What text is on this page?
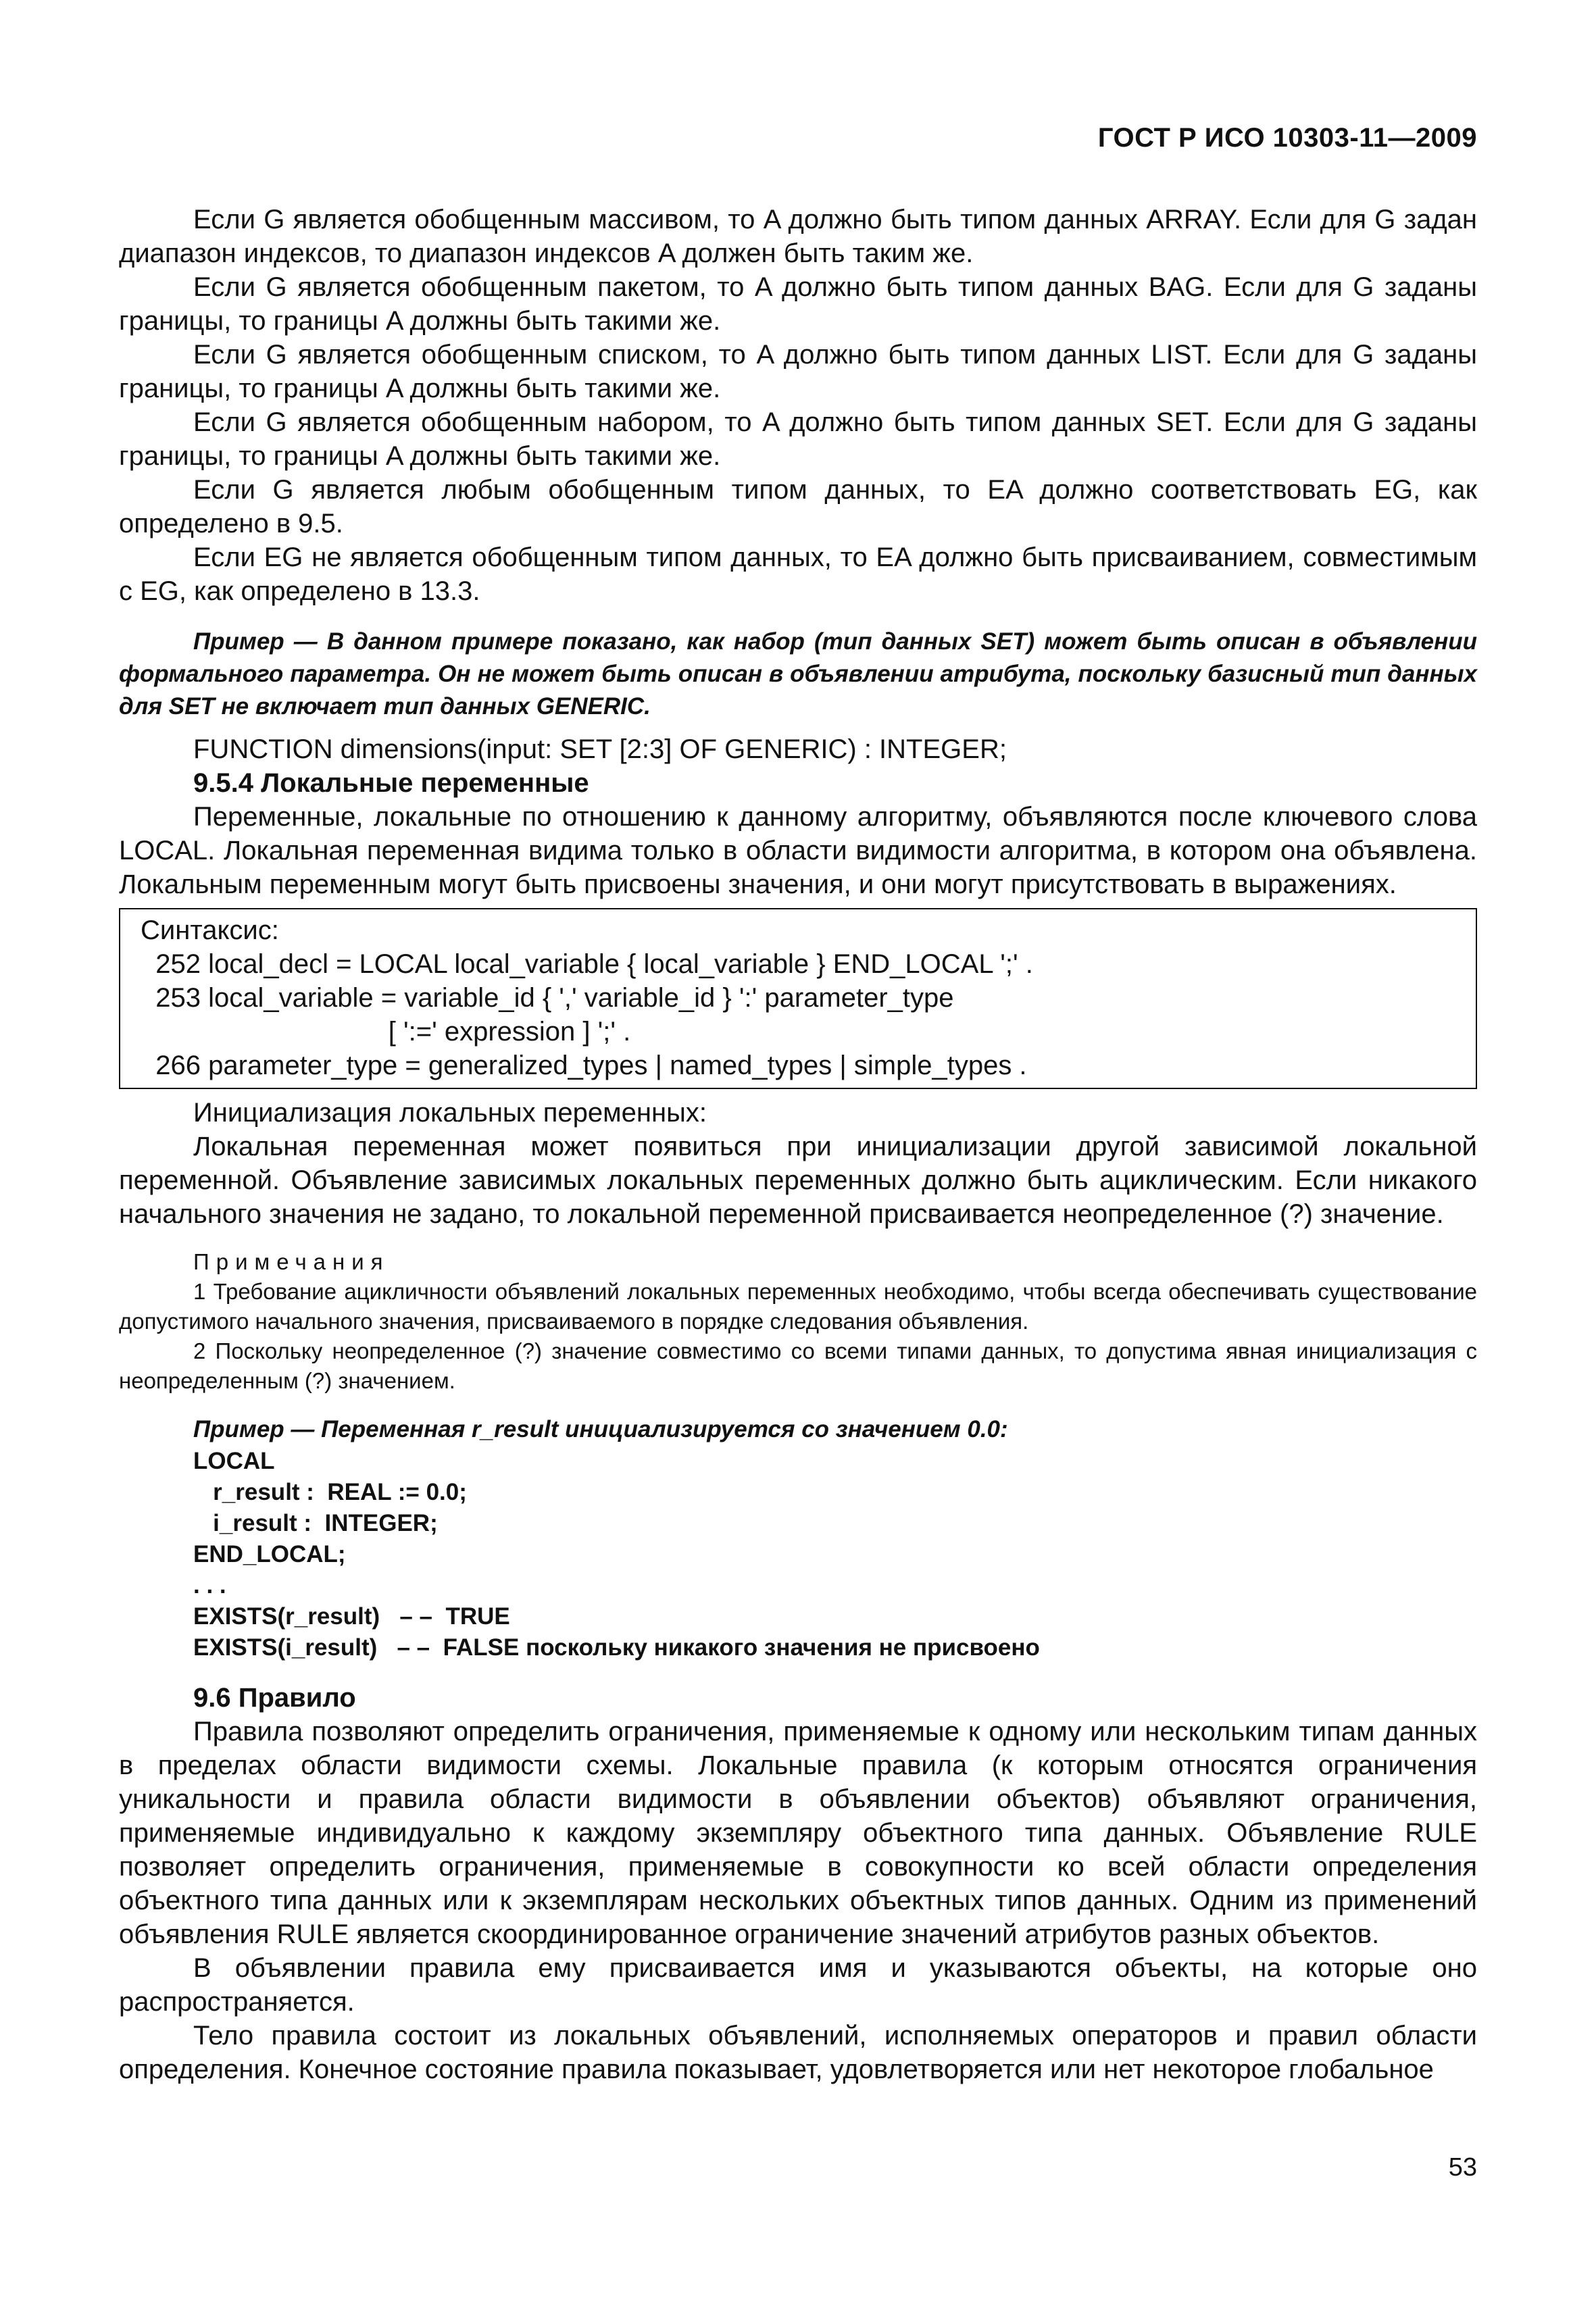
ГОСТ Р ИСО 10303-11—2009

Если G является обобщенным массивом, то A должно быть типом данных ARRAY. Если для G задан диапазон индексов, то диапазон индексов A должен быть таким же.

Если G является обобщенным пакетом, то A должно быть типом данных BAG. Если для G заданы границы, то границы A должны быть такими же.

Если G является обобщенным списком, то A должно быть типом данных LIST. Если для G заданы границы, то границы A должны быть такими же.

Если G является обобщенным набором, то A должно быть типом данных SET. Если для G заданы границы, то границы A должны быть такими же.

Если G является любым обобщенным типом данных, то EA должно соответствовать EG, как определено в 9.5.

Если EG не является обобщенным типом данных, то EA должно быть присваиванием, совместимым с EG, как определено в 13.3.

Пример — В данном примере показано, как набор (тип данных SET) может быть описан в объявлении формального параметра. Он не может быть описан в объявлении атрибута, поскольку базисный тип данных для SET не включает тип данных GENERIC.

FUNCTION dimensions(input: SET [2:3] OF GENERIC) : INTEGER;

9.5.4 Локальные переменные

Переменные, локальные по отношению к данному алгоритму, объявляются после ключевого слова LOCAL. Локальная переменная видима только в области видимости алгоритма, в котором она объявлена. Локальным переменным могут быть присвоены значения, и они могут присутствовать в выражениях.

Синтаксис:
252 local_decl = LOCAL local_variable { local_variable } END_LOCAL ';' .
253 local_variable = variable_id { ',' variable_id } ':' parameter_type
[ ':=' expression ] ';' .
266 parameter_type = generalized_types | named_types | simple_types .

Инициализация локальных переменных:

Локальная переменная может появиться при инициализации другой зависимой локальной переменной. Объявление зависимых локальных переменных должно быть ациклическим. Если никакого начального значения не задано, то локальной переменной присваивается неопределенное (?) значение.

Примечания

1 Требование ацикличности объявлений локальных переменных необходимо, чтобы всегда обеспечивать существование допустимого начального значения, присваиваемого в порядке следования объявления.

2 Поскольку неопределенное (?) значение совместимо со всеми типами данных, то допустима явная инициализация с неопределенным (?) значением.

Пример — Переменная r_result инициализируется со значением 0.0:

LOCAL

r_result :  REAL := 0.0;

i_result :  INTEGER;

END_LOCAL;

. . .

EXISTS(r_result)   – –  TRUE

EXISTS(i_result)   – –  FALSE поскольку никакого значения не присвоено

9.6 Правило

Правила позволяют определить ограничения, применяемые к одному или нескольким типам данных в пределах области видимости схемы. Локальные правила (к которым относятся ограничения уникальности и правила области видимости в объявлении объектов) объявляют ограничения, применяемые индивидуально к каждому экземпляру объектного типа данных. Объявление RULE позволяет определить ограничения, применяемые в совокупности ко всей области определения объектного типа данных или к экземплярам нескольких объектных типов данных. Одним из применений объявления RULE является скоординированное ограничение значений атрибутов разных объектов.

В объявлении правила ему присваивается имя и указываются объекты, на которые оно распространяется.

Тело правила состоит из локальных объявлений, исполняемых операторов и правил области определения. Конечное состояние правила показывает, удовлетворяется или нет некоторое глобальное

53
